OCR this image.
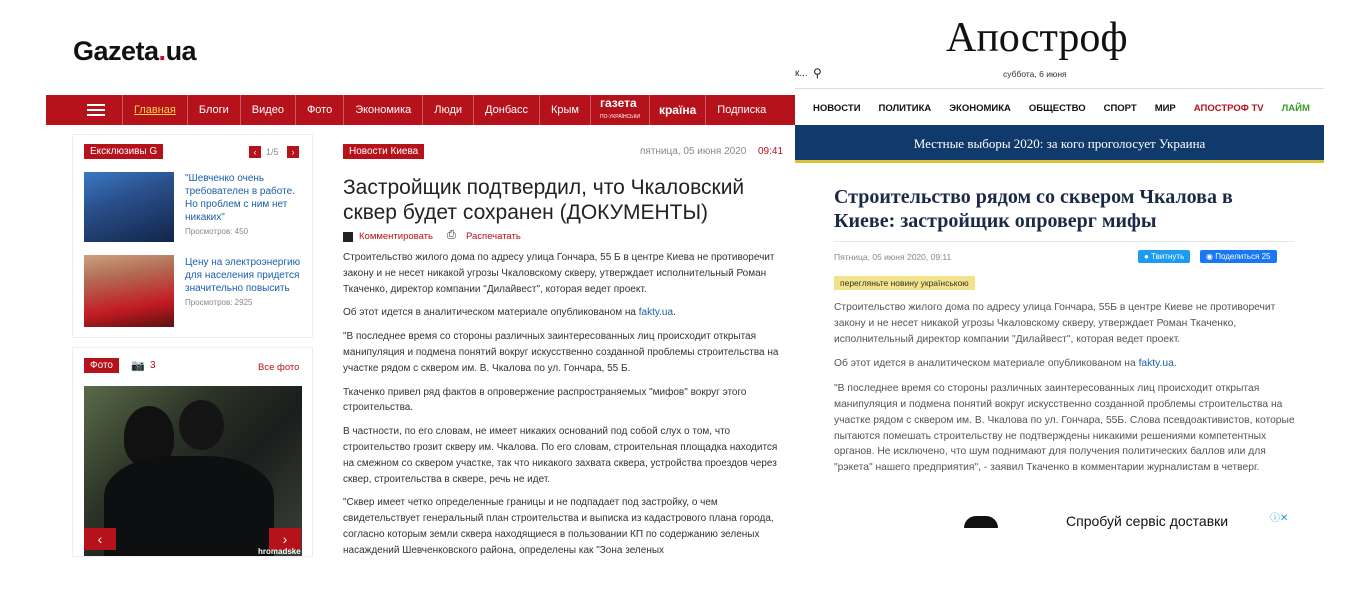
Gazeta.ua
Главная	Блоги	Видео	Фото	Экономика	Люди	Донбасс	Крым	газета
ПО-УКРАЇНСЬКИ	країна	Подписка
Ексклюзивы G	‹	1/5	›
"Шевченко очень требователен в работе. Но проблем с ним нет никаких"
Просмотров: 450
Цену на электроэнергию для населения придется значительно повысить
Просмотров: 2925
Фото	📷 3	Все фото
‹	›
hromadske
Новости Киева	пятница, 05 июня 2020 09:41
Застройщик подтвердил, что Чкаловский сквер будет сохранен (ДОКУМЕНТЫ)
Комментировать ⎙ Распечатать

Строительство жилого дома по адресу улица Гончара, 55 Б в центре Киева не противоречит закону и не несет никакой угрозы Чкаловскому скверу, утверждает исполнительный Роман Ткаченко, директор компании "Дилайвест", которая ведет проект.

Об этот идется в аналитическом материале опубликованом на fakty.ua.

"В последнее время со стороны различных заинтересованных лиц происходит открытая манипуляция и подмена понятий вокруг искусственно созданной проблемы строительства на участке рядом с сквером им. В. Чкалова по ул. Гончара, 55 Б.

Ткаченко привел ряд фактов в опровержение распространяемых "мифов" вокруг этого строительства.

В частности, по его словам, не имеет никаких оснований под собой слух о том, что строительство грозит скверу им. Чкалова. По его словам, строительная площадка находится на смежном со сквером участке, так что никакого захвата сквера, устройства проездов через сквер, строительства в сквере, речь не идет.

"Сквер имеет четко определенные границы и не подпадает под застройку, о чем свидетельствует генеральный план строительства и выписка из кадастрового плана города, согласно которым земли сквера находящиеся в пользовании КП по содержанию зеленых насаждений Шевченковского района, определены как "Зона зеленых

Апостроф
к... ⚲	суббота, 6 июня
НОВОСТИ	ПОЛИТИКА	ЭКОНОМИКА	ОБЩЕСТВО	СПОРТ	МИР	АПОСТРОФ TV	ЛАЙМ
Местные выборы 2020: за кого проголосует Украина
Строительство рядом со сквером Чкалова в Киеве: застройщик опроверг мифы
Пятница, 05 июня 2020, 09:11	● Твитнуть	◉ Поделиться 25
перегляньте новину українською

Строительство жилого дома по адресу улица Гончара, 55Б в центре Киеве не противоречит закону и не несет никакой угрозы Чкаловскому скверу, утверждает Роман Ткаченко, исполнительный директор компании "Дилайвест", которая ведет проект.

Об этот идется в аналитическом материале опубликованом на fakty.ua.

"В последнее время со стороны различных заинтересованных лиц происходит открытая манипуляция и подмена понятий вокруг искусственно созданной проблемы строительства на участке рядом с сквером им. В. Чкалова по ул. Гончара, 55Б. Слова псевдоактивистов, которые пытаются помешать строительству не подтверждены никакими решениями компетентных органов. Не исключено, что шум поднимают для получения политических баллов или для "рэкета" нашего предприятия", - заявил Ткаченко в комментарии журналистам в четверг.

Спробуй сервіс доставки	ⓘ✕
